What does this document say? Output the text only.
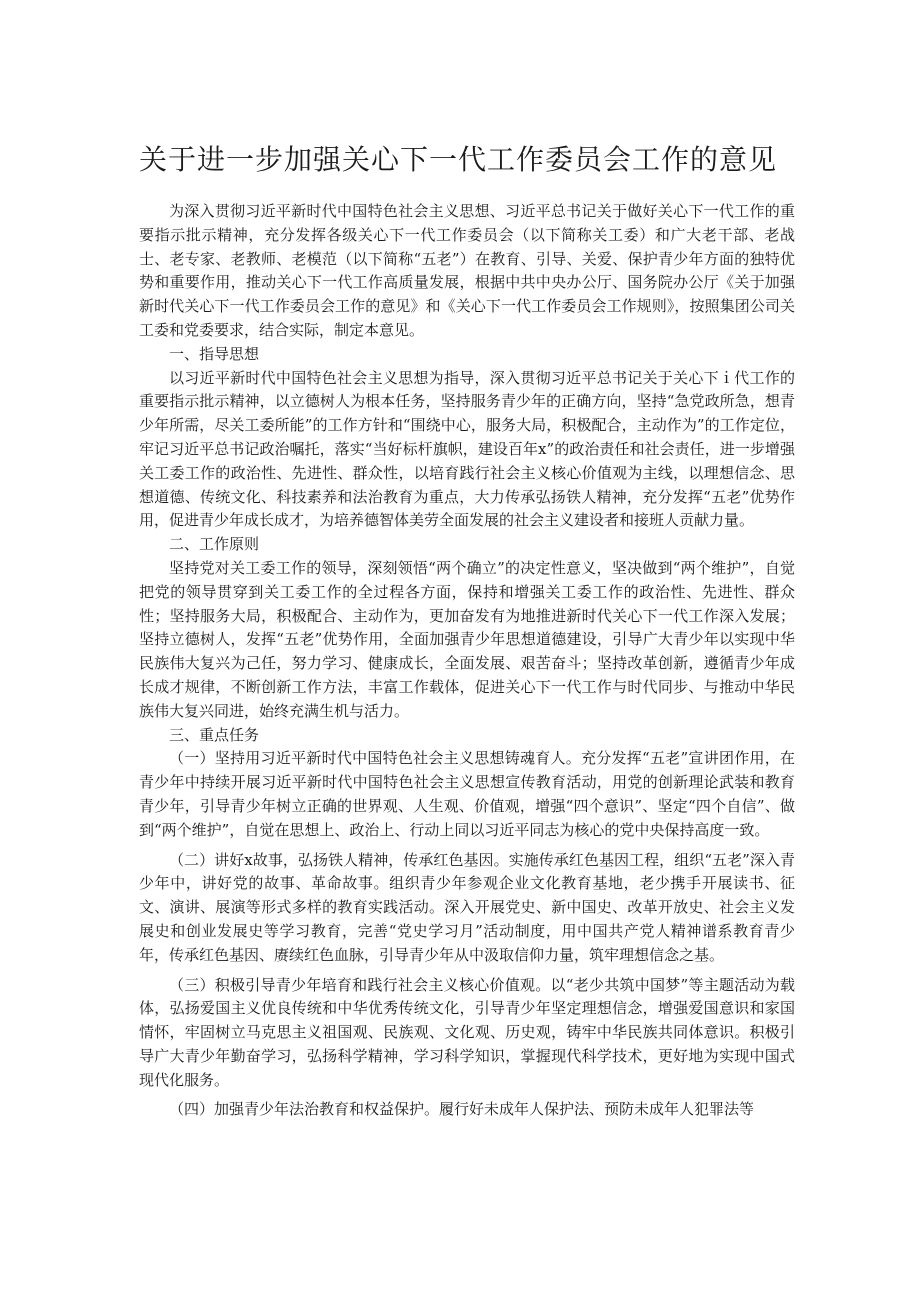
关于进一步加强关心下一代工作委员会工作的意见

为深入贯彻习近平新时代中国特色社会主义思想、习近平总书记关于做好关心下一代工作的重要指示批示精神，充分发挥各级关心下一代工作委员会（以下简称关工委）和广大老干部、老战士、老专家、老教师、老模范（以下简称“五老”）在教育、引导、关爱、保护青少年方面的独特优势和重要作用，推动关心下一代工作高质量发展，根据中共中央办公厅、国务院办公厅《关于加强新时代关心下一代工作委员会工作的意见》和《关心下一代工作委员会工作规则》，按照集团公司关工委和党委要求，结合实际，制定本意见。

一、指导思想

以习近平新时代中国特色社会主义思想为指导，深入贯彻习近平总书记关于关心下ｉ代工作的重要指示批示精神，以立德树人为根本任务，坚持服务青少年的正确方向，坚持“急党政所急，想青少年所需，尽关工委所能”的工作方针和“围绕中心，服务大局，积极配合，主动作为”的工作定位，牢记习近平总书记政治嘱托，落实“当好标杆旗帜，建设百年x”的政治责任和社会责任，进一步增强关工委工作的政治性、先进性、群众性，以培育践行社会主义核心价值观为主线，以理想信念、思想道德、传统文化、科技素养和法治教育为重点，大力传承弘扬铁人精神，充分发挥“五老”优势作用，促进青少年成长成才，为培养德智体美劳全面发展的社会主义建设者和接班人贡献力量。

二、工作原则

坚持党对关工委工作的领导，深刻领悟“两个确立”的决定性意义，坚决做到“两个维护”，自觉把党的领导贯穿到关工委工作的全过程各方面，保持和增强关工委工作的政治性、先进性、群众性；坚持服务大局，积极配合、主动作为，更加奋发有为地推进新时代关心下一代工作深入发展；坚持立德树人，发挥“五老”优势作用，全面加强青少年思想道德建设，引导广大青少年以实现中华民族伟大复兴为己任，努力学习、健康成长，全面发展、艰苦奋斗；坚持改革创新，遵循青少年成长成才规律，不断创新工作方法，丰富工作载体，促进关心下一代工作与时代同步、与推动中华民族伟大复兴同进，始终充满生机与活力。

三、重点任务

（一）坚持用习近平新时代中国特色社会主义思想铸魂育人。充分发挥“五老”宣讲团作用，在青少年中持续开展习近平新时代中国特色社会主义思想宣传教育活动，用党的创新理论武装和教育青少年，引导青少年树立正确的世界观、人生观、价值观，增强“四个意识”、坚定“四个自信”、做到“两个维护”，自觉在思想上、政治上、行动上同以习近平同志为核心的党中央保持高度一致。

（二）讲好x故事，弘扬铁人精神，传承红色基因。实施传承红色基因工程，组织“五老”深入青少年中，讲好党的故事、革命故事。组织青少年参观企业文化教育基地，老少携手开展读书、征文、演讲、展演等形式多样的教育实践活动。深入开展党史、新中国史、改革开放史、社会主义发展史和创业发展史等学习教育，完善“党史学习月”活动制度，用中国共产党人精神谱系教育青少年，传承红色基因、赓续红色血脉，引导青少年从中汲取信仰力量，筑牢理想信念之基。

（三）积极引导青少年培育和践行社会主义核心价值观。以“老少共筑中国梦”等主题活动为载体，弘扬爱国主义优良传统和中华优秀传统文化，引导青少年坚定理想信念，增强爱国意识和家国情怀，牢固树立马克思主义祖国观、民族观、文化观、历史观，铸牢中华民族共同体意识。积极引导广大青少年勤奋学习，弘扬科学精神，学习科学知识，掌握现代科学技术，更好地为实现中国式现代化服务。

（四）加强青少年法治教育和权益保护。履行好未成年人保护法、预防未成年人犯罪法等
